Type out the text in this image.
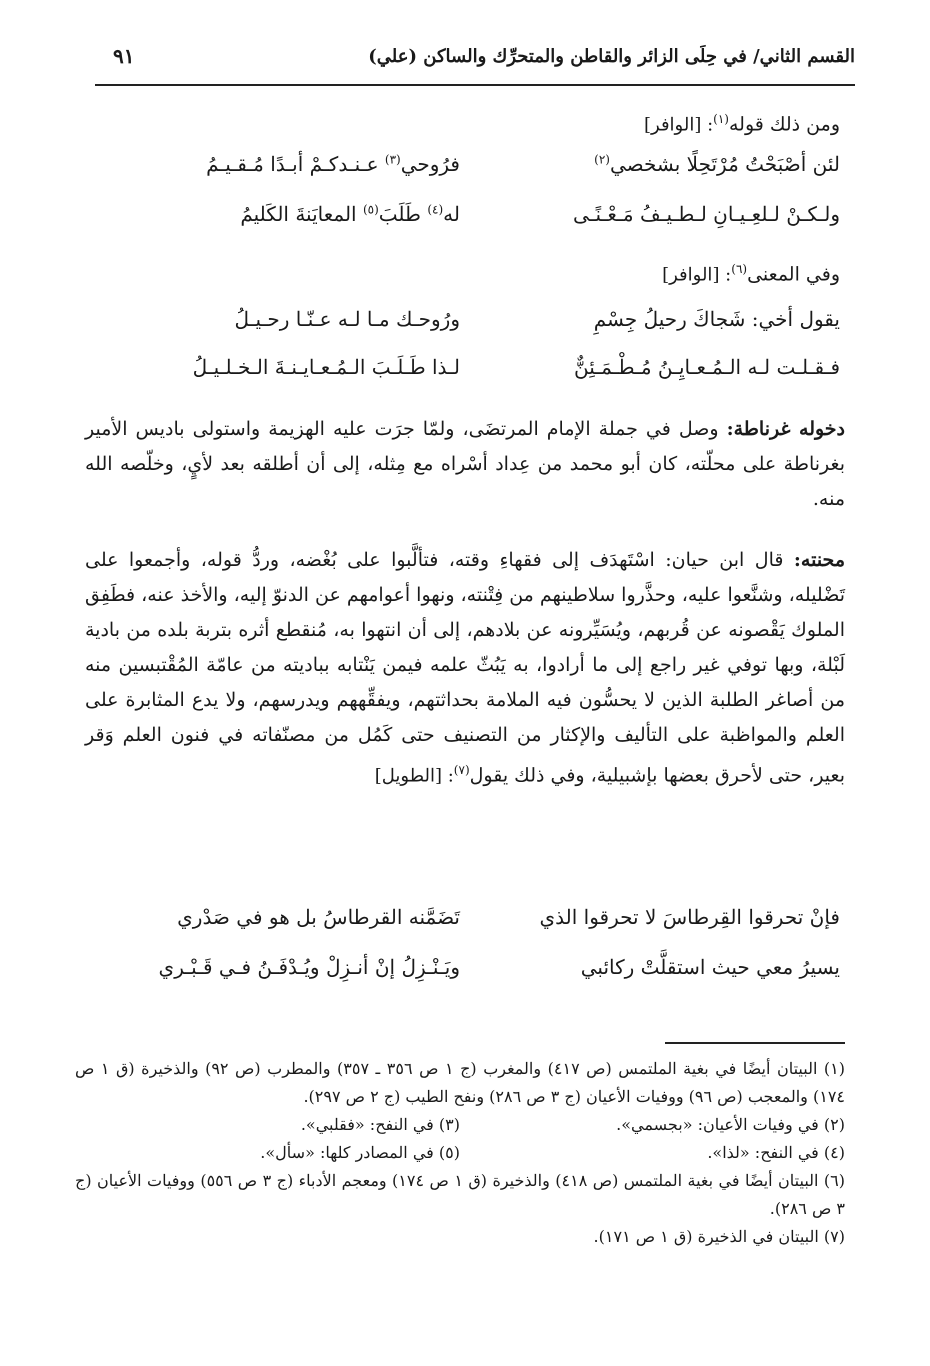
القسم الثاني/ في حِلَى الزائر والقاطن والمتحرِّك والساكن (علي)
٩١
ومن ذلك قوله$^{(١)}$: [الوافر]
لئن أصْبَحْتُ مُرْتَحِلًا بشخصي$^{(٢)}$
فرُوحي$^{(٣)}$ عـنـدكـمْ أبـدًا مُـقـيـمُ
ولـكـنْ لـلعِـيـانِ لـطـيـفُ مَـعْـنًـى
له$^{(٤)}$ طَلَبَ$^{(٥)}$ المعايَنةَ الكَليمُ
وفي المعنى$^{(٦)}$: [الوافر]
يقول أخي: شَجاكَ رحيلُ جِسْمِ
ورُوحـك مـا لـه عـنّـا رحـيـلُ
فـقـلـت لـه الـمُـعـايِـنُ مُـطْـمَـئِنٌّ
لـذا طَـلَـبَ الـمُـعـايـنـةَ الـخـلـيـلُ
دخوله غرناطة: وصل في جملة الإمام المرتضَى، ولمّا جرَت عليه الهزيمة واستولى باديس الأمير بغرناطة على محلّته، كان أبو محمد من عِداد أسْراه مع مِثله، إلى أن أطلقه بعد لأيٍ، وخلّصه الله منه.
محنته: قال ابن حيان: اسْتَهدَف إلى فقهاءِ وقته، فتألَّبوا على بُغْضه، وردُّ قوله، وأجمعوا على تَضْليله، وشنَّعوا عليه، وحذَّروا سلاطينهم من فِتْنته، ونهوا أعوامهم عن الدنوّ إليه، والأخذ عنه، فطَفِق الملوك يَقْصونه عن قُربهم، ويُسَيِّرونه عن بلادهم، إلى أن انتهوا به، مُنقطع أثره بتربة بلده من بادية لَبْلة، وبها توفي غير راجع إلى ما أرادوا، به يَبُثّ علمه فيمن يَنْتابه بباديته من عامّة المُقْتبسين منه من أصاغر الطلبة الذين لا يحسُّون فيه الملامة بحداثتهم، ويفقِّههم ويدرسهم، ولا يدع المثابرة على العلم والمواظبة على التأليف والإكثار من التصنيف حتى كَمُل من مصنّفاته في فنون العلم وَقر بعير، حتى لأحرق بعضها بإشبيلية، وفي ذلك يقول$^{(٧)}$: [الطويل]
فإنْ تحرقوا القِرطاسَ لا تحرقوا الذي
تَضَمَّنه القرطاسُ بل هو في صَدْري
يسيرُ معي حيث استقلَّتْ ركائبي
ويَـنْـزِلُ إنْ أنـزِلْ ويُـدْفَـنُ فـي قَـبْـري

(١) البيتان أيضًا في بغية الملتمس (ص ٤١٧) والمغرب (ج ١ ص ٣٥٦ ـ ٣٥٧) والمطرب (ص ٩٢) والذخيرة (ق ١ ص ١٧٤) والمعجب (ص ٩٦) ووفيات الأعيان (ج ٣ ص ٢٨٦) ونفح الطيب (ج ٢ ص ٢٩٧).

(٢) في وفيات الأعيان: «بجسمي».

(٣) في النفح: «فقلبي».

(٤) في النفح: «لذا».

(٥) في المصادر كلها: «سأل».

(٦) البيتان أيضًا في بغية الملتمس (ص ٤١٨) والذخيرة (ق ١ ص ١٧٤) ومعجم الأدباء (ج ٣ ص ٥٥٦) ووفيات الأعيان (ج ٣ ص ٢٨٦).

(٧) البيتان في الذخيرة (ق ١ ص ١٧١).
